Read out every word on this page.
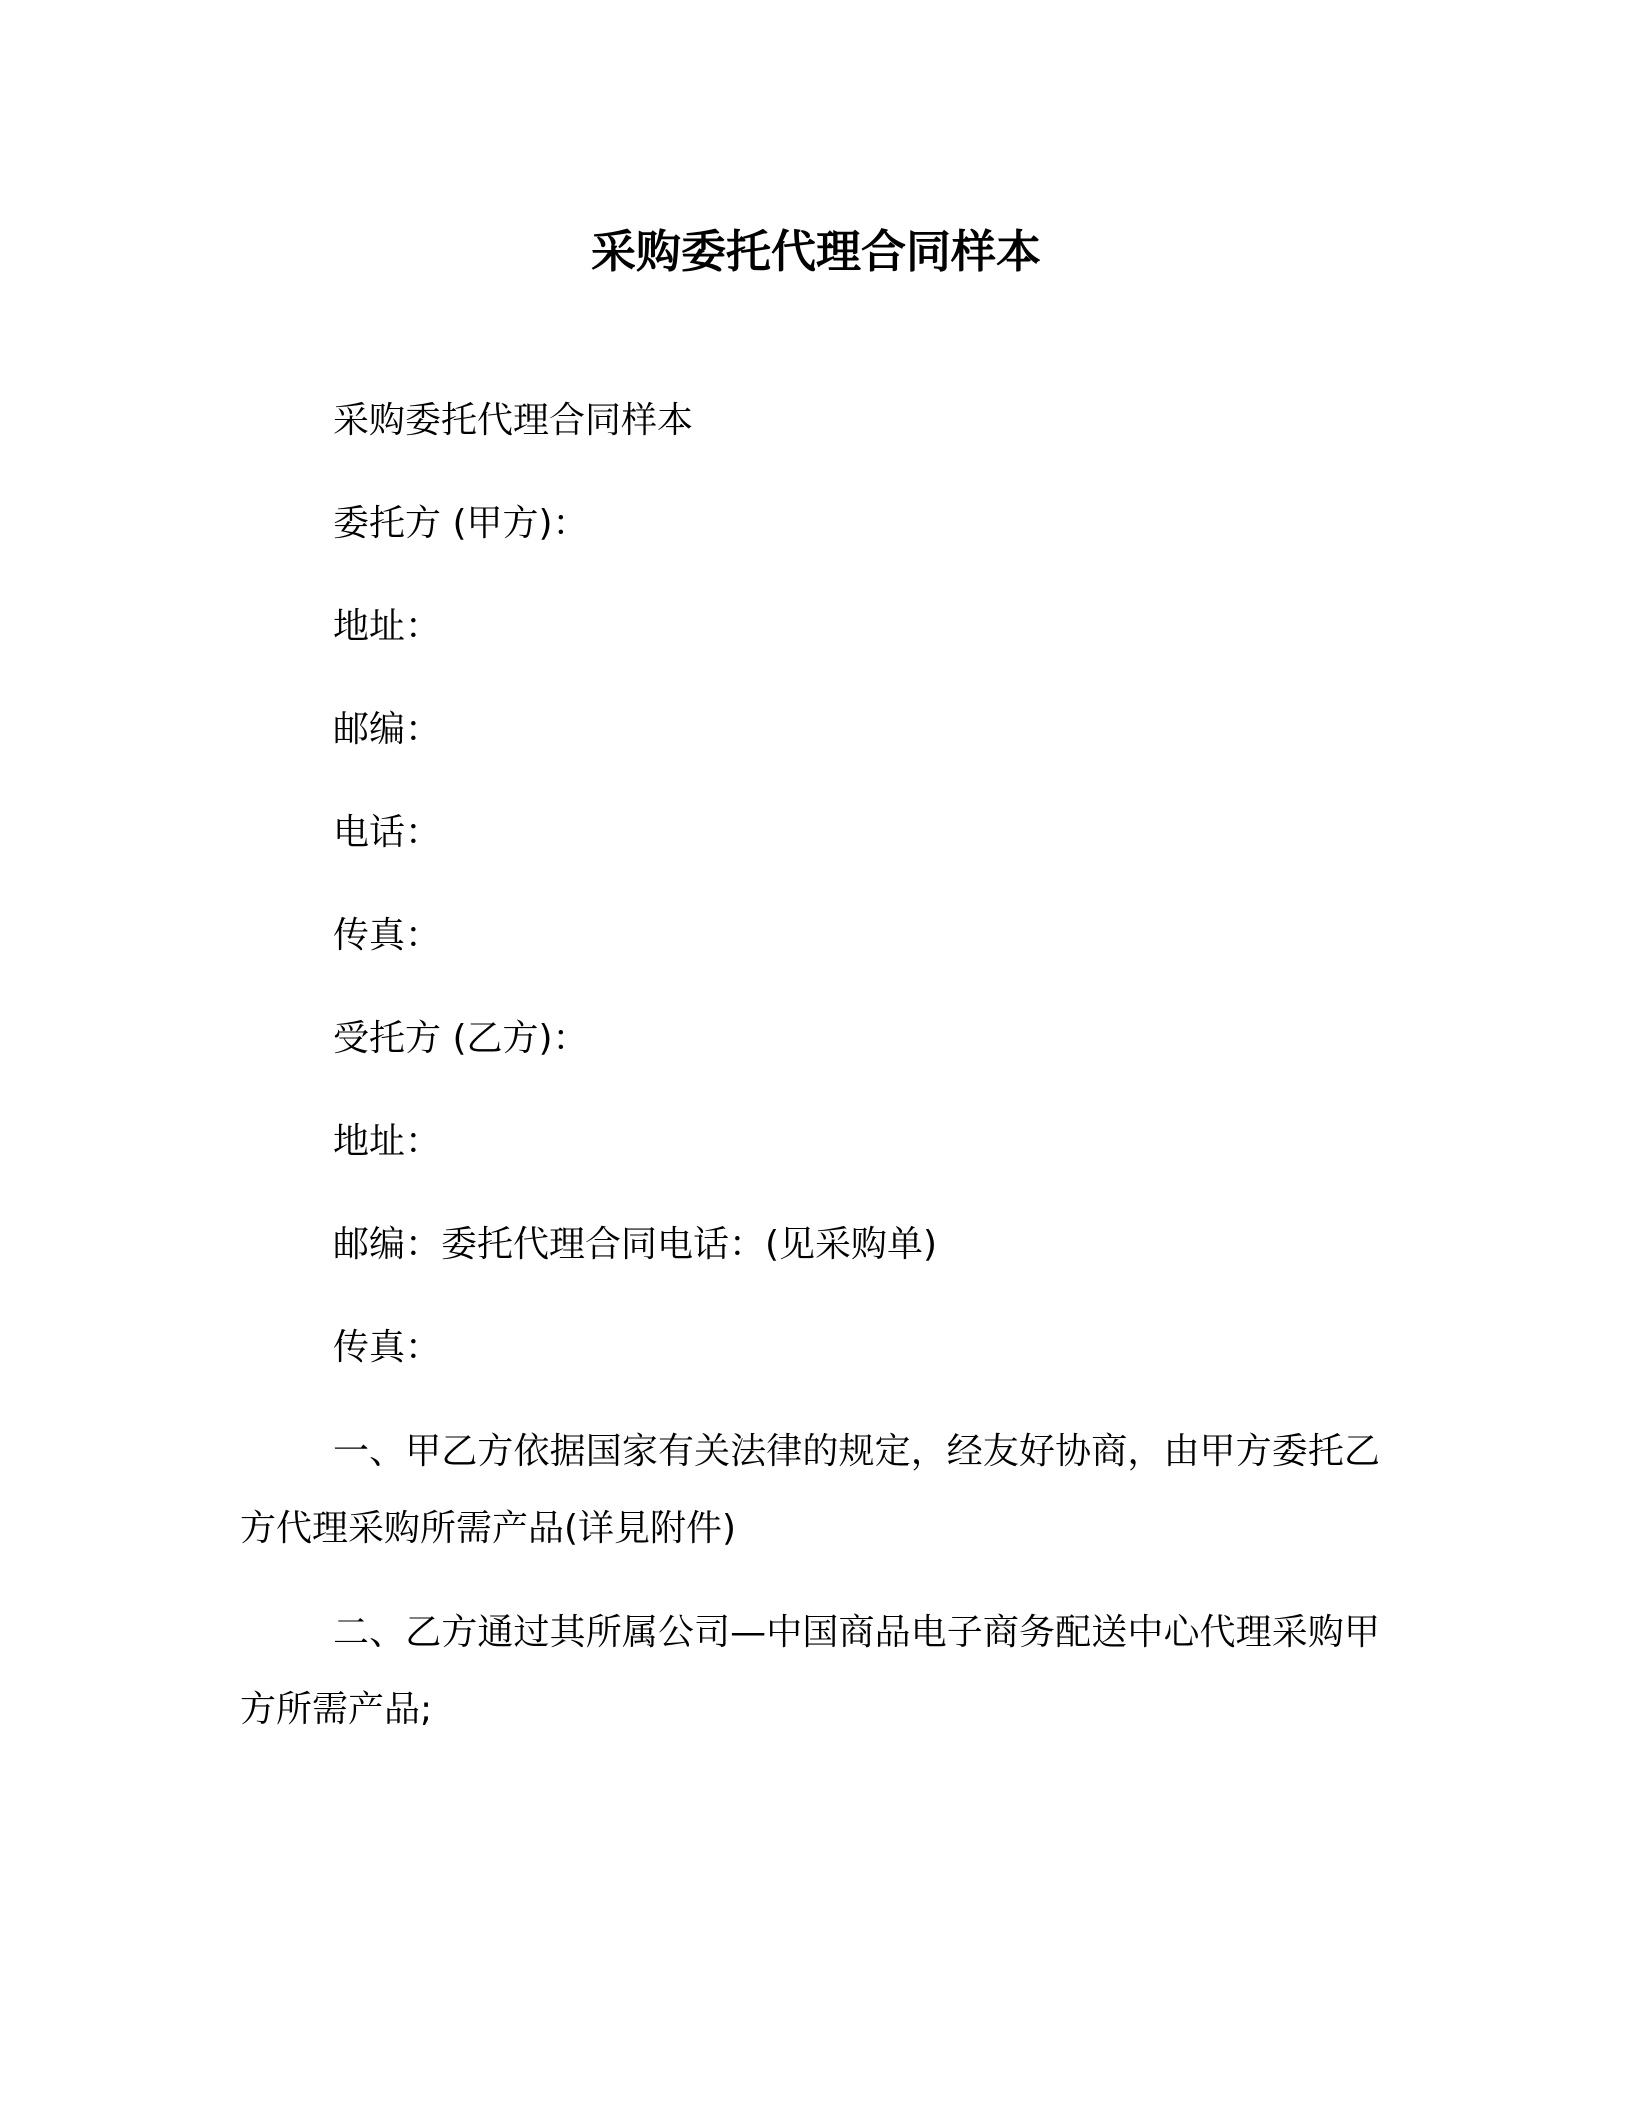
采购委托代理合同样本
采购委托代理合同样本
委托方 (甲方)：
地址：
邮编：
电话：
传真：
受托方 (乙方)：
地址：
邮编：委托代理合同电话：(见采购单)
传真：

一、甲乙方依据国家有关法律的规定，经友好协商，由甲方委托乙方代理采购所需产品(详見附件)

二、乙方通过其所属公司—中国商品电子商务配送中心代理采购甲方所需产品;
